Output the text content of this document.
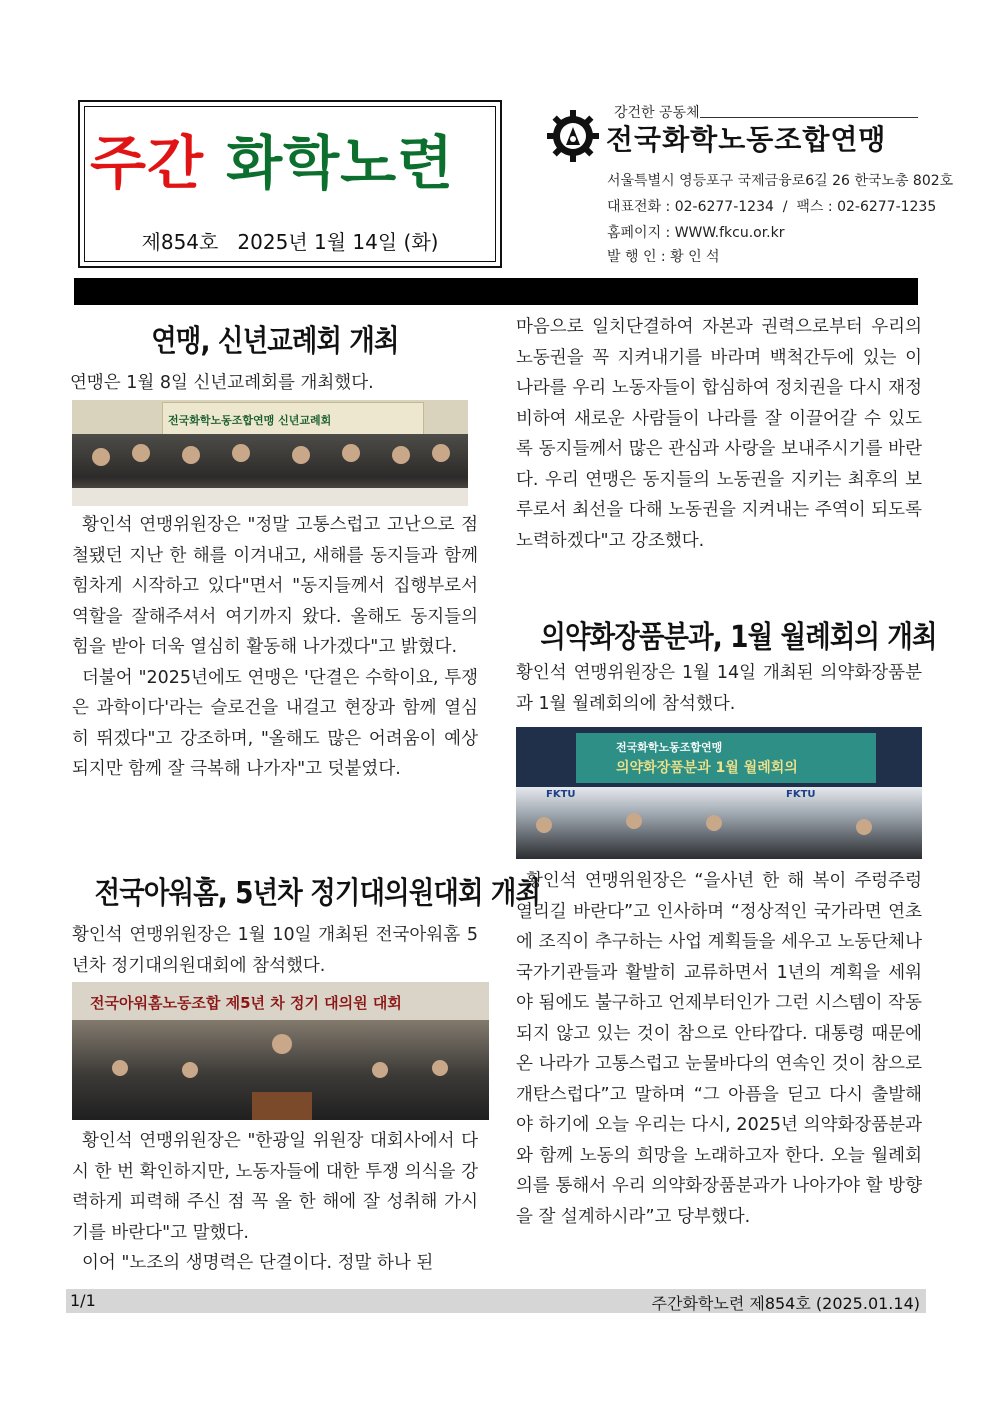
주간 화학노련
제854호   2025년 1월 14일 (화)
강건한 공동체
전국화학노동조합연맹
서울특별시 영등포구 국제금융로6길 26 한국노총 802호
대표전화 : 02-6277-1234  /  팩스 : 02-6277-1235
홈페이지 : WWW.fkcu.or.kr
발 행 인 : 황 인 석
연맹, 신년교례회 개최

연맹은 1월 8일 신년교례회를 개최했다.

전국화학노동조합연맹 신년교례회

황인석 연맹위원장은 "정말 고통스럽고 고난으로 점철됐던 지난 한 해를 이겨내고, 새해를 동지들과 함께 힘차게 시작하고 있다"면서 "동지들께서 집행부로서 역할을 잘해주셔서 여기까지 왔다. 올해도 동지들의 힘을 받아 더욱 열심히 활동해 나가겠다"고 밝혔다.

더불어 "2025년에도 연맹은 '단결은 수학이요, 투쟁은 과학이다'라는 슬로건을 내걸고 현장과 함께 열심히 뛰겠다"고 강조하며, "올해도 많은 어려움이 예상되지만 함께 잘 극복해 나가자"고 덧붙였다.

전국아워홈, 5년차 정기대의원대회 개최

황인석 연맹위원장은 1월 10일 개최된 전국아워홈 5년차 정기대의원대회에 참석했다.

전국아워홈노동조합 제5년 차 정기 대의원 대회

황인석 연맹위원장은 "한광일 위원장 대회사에서 다시 한 번 확인하지만, 노동자들에 대한 투쟁 의식을 강력하게 피력해 주신 점 꼭 올 한 해에 잘 성취해 가시기를 바란다"고 말했다.

이어 "노조의 생명력은 단결이다. 정말 하나 된

마음으로 일치단결하여 자본과 권력으로부터 우리의 노동권을 꼭 지켜내기를 바라며 백척간두에 있는 이 나라를 우리 노동자들이 합심하여 정치권을 다시 재정비하여 새로운 사람들이 나라를 잘 이끌어갈 수 있도록 동지들께서 많은 관심과 사랑을 보내주시기를 바란다. 우리 연맹은 동지들의 노동권을 지키는 최후의 보루로서 최선을 다해 노동권을 지켜내는 주역이 되도록 노력하겠다"고 강조했다.

의약화장품분과, 1월 월례회의 개최

황인석 연맹위원장은 1월 14일 개최된 의약화장품분과 1월 월례회의에 참석했다.

전국화학노동조합연맹
의약화장품분과 1월 월례회의
FKTU	FKTU

황인석 연맹위원장은 “을사년 한 해 복이 주렁주렁 열리길 바란다”고 인사하며 “정상적인 국가라면 연초에 조직이 추구하는 사업 계획들을 세우고 노동단체나 국가기관들과 활발히 교류하면서 1년의 계획을 세워야 됨에도 불구하고 언제부터인가 그런 시스템이 작동되지 않고 있는 것이 참으로 안타깝다. 대통령 때문에 온 나라가 고통스럽고 눈물바다의 연속인 것이 참으로 개탄스럽다”고 말하며 “그 아픔을 딛고 다시 출발해야 하기에 오늘 우리는 다시, 2025년 의약화장품분과와 함께 노동의 희망을 노래하고자 한다. 오늘 월례회의를 통해서 우리 의약화장품분과가 나아가야 할 방향을 잘 설계하시라”고 당부했다.

1/1	주간화학노련 제854호 (2025.01.14)
